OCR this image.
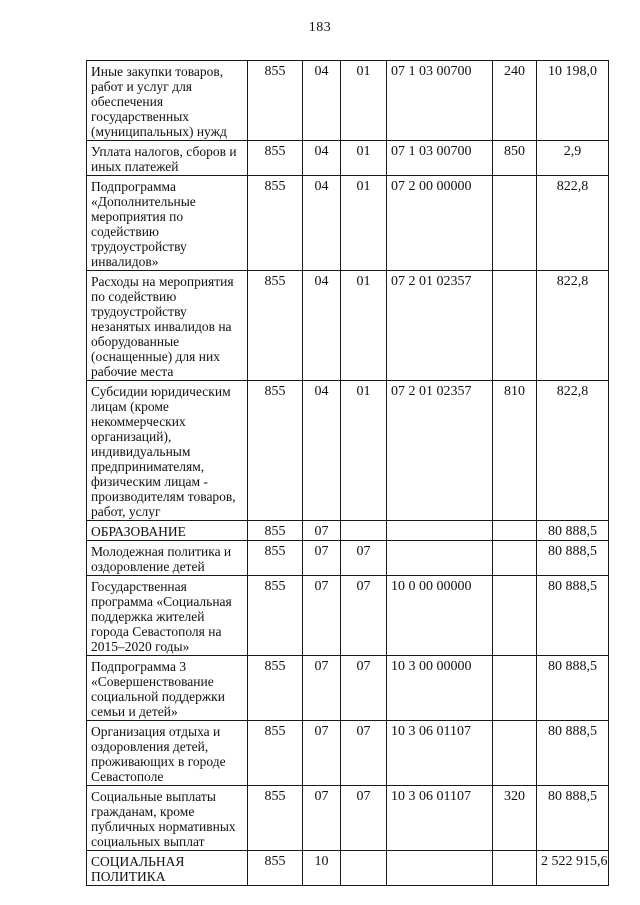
183
Иные закупки товаров, работ и услуг для обеспечения государственных (муниципальных) нужд	855	04	01	07 1 03 00700	240	10 198,0
Уплата налогов, сборов и иных платежей	855	04	01	07 1 03 00700	850	2,9
Подпрограмма «Дополнительные мероприятия по содействию трудоустройству инвалидов»	855	04	01	07 2 00 00000		822,8
Расходы на мероприятия по содействию трудоустройству незанятых инвалидов на оборудованные (оснащенные) для них рабочие места	855	04	01	07 2 01 02357		822,8
Субсидии юридическим лицам (кроме некоммерческих организаций), индивидуальным предпринимателям, физическим лицам - производителям товаров, работ, услуг	855	04	01	07 2 01 02357	810	822,8
ОБРАЗОВАНИЕ	855	07				80 888,5
Молодежная политика и оздоровление детей	855	07	07			80 888,5
Государственная программа «Социальная поддержка жителей города Севастополя на 2015–2020 годы»	855	07	07	10 0 00 00000		80 888,5
Подпрограмма 3 «Совершенствование социальной поддержки семьи и детей»	855	07	07	10 3 00 00000		80 888,5
Организация отдыха и оздоровления детей, проживающих в городе Севастополе	855	07	07	10 3 06 01107		80 888,5
Социальные выплаты гражданам, кроме публичных нормативных социальных выплат	855	07	07	10 3 06 01107	320	80 888,5
СОЦИАЛЬНАЯ ПОЛИТИКА	855	10				2 522 915,6
